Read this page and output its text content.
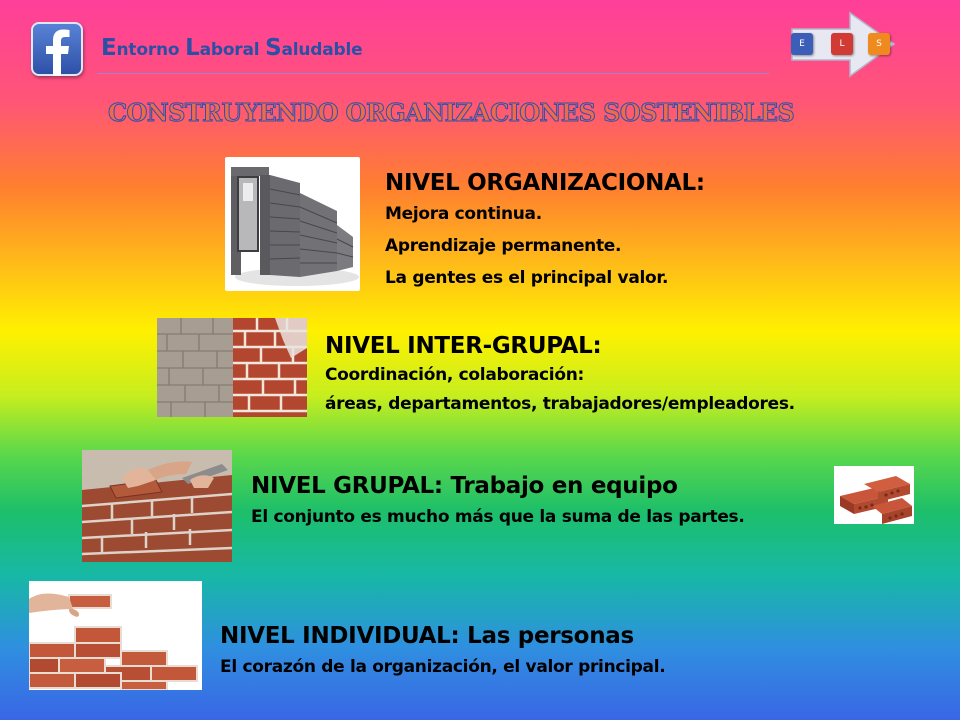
Entorno Laboral Saludable	E	L	S
CONSTRUYENDO ORGANIZACIONES SOSTENIBLES
NIVEL ORGANIZACIONAL:

Mejora continua.

Aprendizaje permanente.

La gentes es el principal valor.

NIVEL INTER-GRUPAL:

Coordinación, colaboración:

áreas, departamentos, trabajadores/empleadores.

NIVEL GRUPAL: Trabajo en equipo

El conjunto es mucho más que la suma de las partes.

NIVEL INDIVIDUAL: Las personas

El corazón de la organización, el valor principal.
